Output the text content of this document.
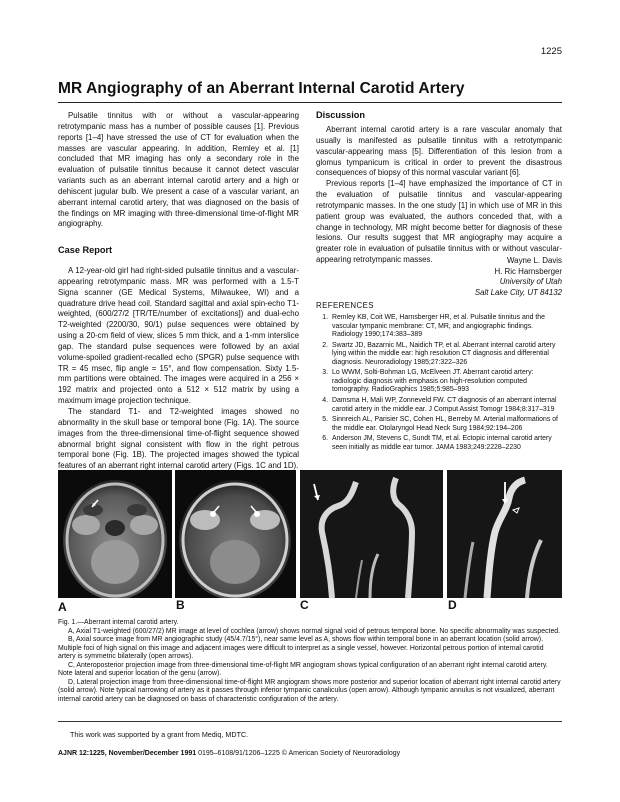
1225
MR Angiography of an Aberrant Internal Carotid Artery

Pulsatile tinnitus with or without a vascular-appearing retrotympanic mass has a number of possible causes [1]. Previous reports [1–4] have stressed the use of CT for evaluation when the masses are vascular appearing. In addition, Remley et al. [1] concluded that MR imaging has only a secondary role in the evaluation of pulsatile tinnitus because it cannot detect vascular variants such as an aberrant internal carotid artery and a high or dehiscent jugular bulb. We present a case of a vascular variant, an aberrant internal carotid artery, that was diagnosed on the basis of the findings on MR imaging with three-dimensional time-of-flight MR angiography.

Case Report

A 12-year-old girl had right-sided pulsatile tinnitus and a vascular-appearing retrotympanic mass. MR was performed with a 1.5-T Signa scanner (GE Medical Systems, Milwaukee, WI) and a quadrature drive head coil. Standard sagittal and axial spin-echo T1-weighted, (600/27/2 [TR/TE/number of excitations]) and dual-echo T2-weighted (2200/30, 90/1) pulse sequences were obtained by using a 20-cm field of view, slices 5 mm thick, and a 1-mm interslice gap. The standard pulse sequences were followed by an axial volume-spoiled gradient-recalled echo (SPGR) pulse sequence with TR = 45 msec, flip angle = 15°, and flow compensation. Sixty 1.5-mm partitions were obtained. The images were acquired in a 256 × 192 matrix and projected onto a 512 × 512 matrix by using a maximum image projection technique.

The standard T1- and T2-weighted images showed no abnormality in the skull base or temporal bone (Fig. 1A). The source images from the three-dimensional time-of-flight sequence showed abnormal bright signal consistent with flow in the right petrous temporal bone (Fig. 1B). The projected images showed the typical features of an aberrant right internal carotid artery (Figs. 1C and 1D).

Discussion

Aberrant internal carotid artery is a rare vascular anomaly that usually is manifested as pulsatile tinnitus with a retrotympanic vascular-appearing mass [5]. Differentiation of this lesion from a glomus tympanicum is critical in order to prevent the disastrous consequences of biopsy of this normal vascular variant [6].

Previous reports [1–4] have emphasized the importance of CT in the evaluation of pulsatile tinnitus and vascular-appearing retrotympanic masses. In the one study [1] in which use of MR in this patient group was evaluated, the authors conceded that, with a change in technology, MR might become better for diagnosis of these lesions. Our results suggest that MR angiography may acquire a greater role in evaluation of pulsatile tinnitus with or without vascular-appearing retrotympanic masses.	Wayne L. Davis
H. Ric Harnsberger
University of Utah
Salt Lake City, UT 84132
REFERENCES
1. Remley KB, Coit WE, Harnsberger HR, et al. Pulsatile tinnitus and the vascular tympanic membrane: CT, MR, and angiographic findings. Radiology 1990;174:383–389
2. Swartz JD, Bazarnic ML, Naidich TP, et al. Aberrant internal carotid artery lying within the middle ear: high resolution CT diagnosis and differential diagnosis. Neuroradiology 1985;27:322–326
3. Lo WWM, Solti-Bohman LG, McElveen JT. Aberrant carotid artery: radiologic diagnosis with emphasis on high-resolution computed tomography. RadioGraphics 1985;5:985–993
4. Damsma H, Mali WP, Zonneveld FW. CT diagnosis of an aberrant internal carotid artery in the middle ear. J Comput Assist Tomogr 1984;8:317–319
5. Sinnreich AL, Parisier SC, Cohen HL, Berreby M. Arterial malformations of the middle ear. Otolaryngol Head Neck Surg 1984;92:194–206
6. Anderson JM, Stevens C, Sundt TM, et al. Ectopic internal carotid artery seen initially as middle ear tumor. JAMA 1983;249:2228–2230
A	B	C	D

Fig. 1.—Aberrant internal carotid artery.

A, Axial T1-weighted (600/27/2) MR image at level of cochlea (arrow) shows normal signal void of petrous temporal bone. No specific abnormality was suspected.

B, Axial source image from MR angiographic study (45/4.7/15°), near same level as A, shows flow within temporal bone in an aberrant location (solid arrow). Multiple foci of high signal on this image and adjacent images were difficult to interpret as a single vessel, however. Horizontal petrous portion of internal carotid artery is symmetric bilaterally (open arrows).

C, Anteroposterior projection image from three-dimensional time-of-flight MR angiogram shows typical configuration of an aberrant right internal carotid artery. Note lateral and superior location of the genu (arrow).

D, Lateral projection image from three-dimensional time-of-flight MR angiogram shows more posterior and superior location of aberrant right internal carotid artery (solid arrow). Note typical narrowing of artery as it passes through inferior tympanic canaliculus (open arrow). Although tympanic annulus is not visualized, aberrant internal carotid artery can be diagnosed on basis of characteristic configuration of the artery.

This work was supported by a grant from Mediq, MDTC.
AJNR 12:1225, November/December 1991 0195–6108/91/1206–1225 © American Society of Neuroradiology
